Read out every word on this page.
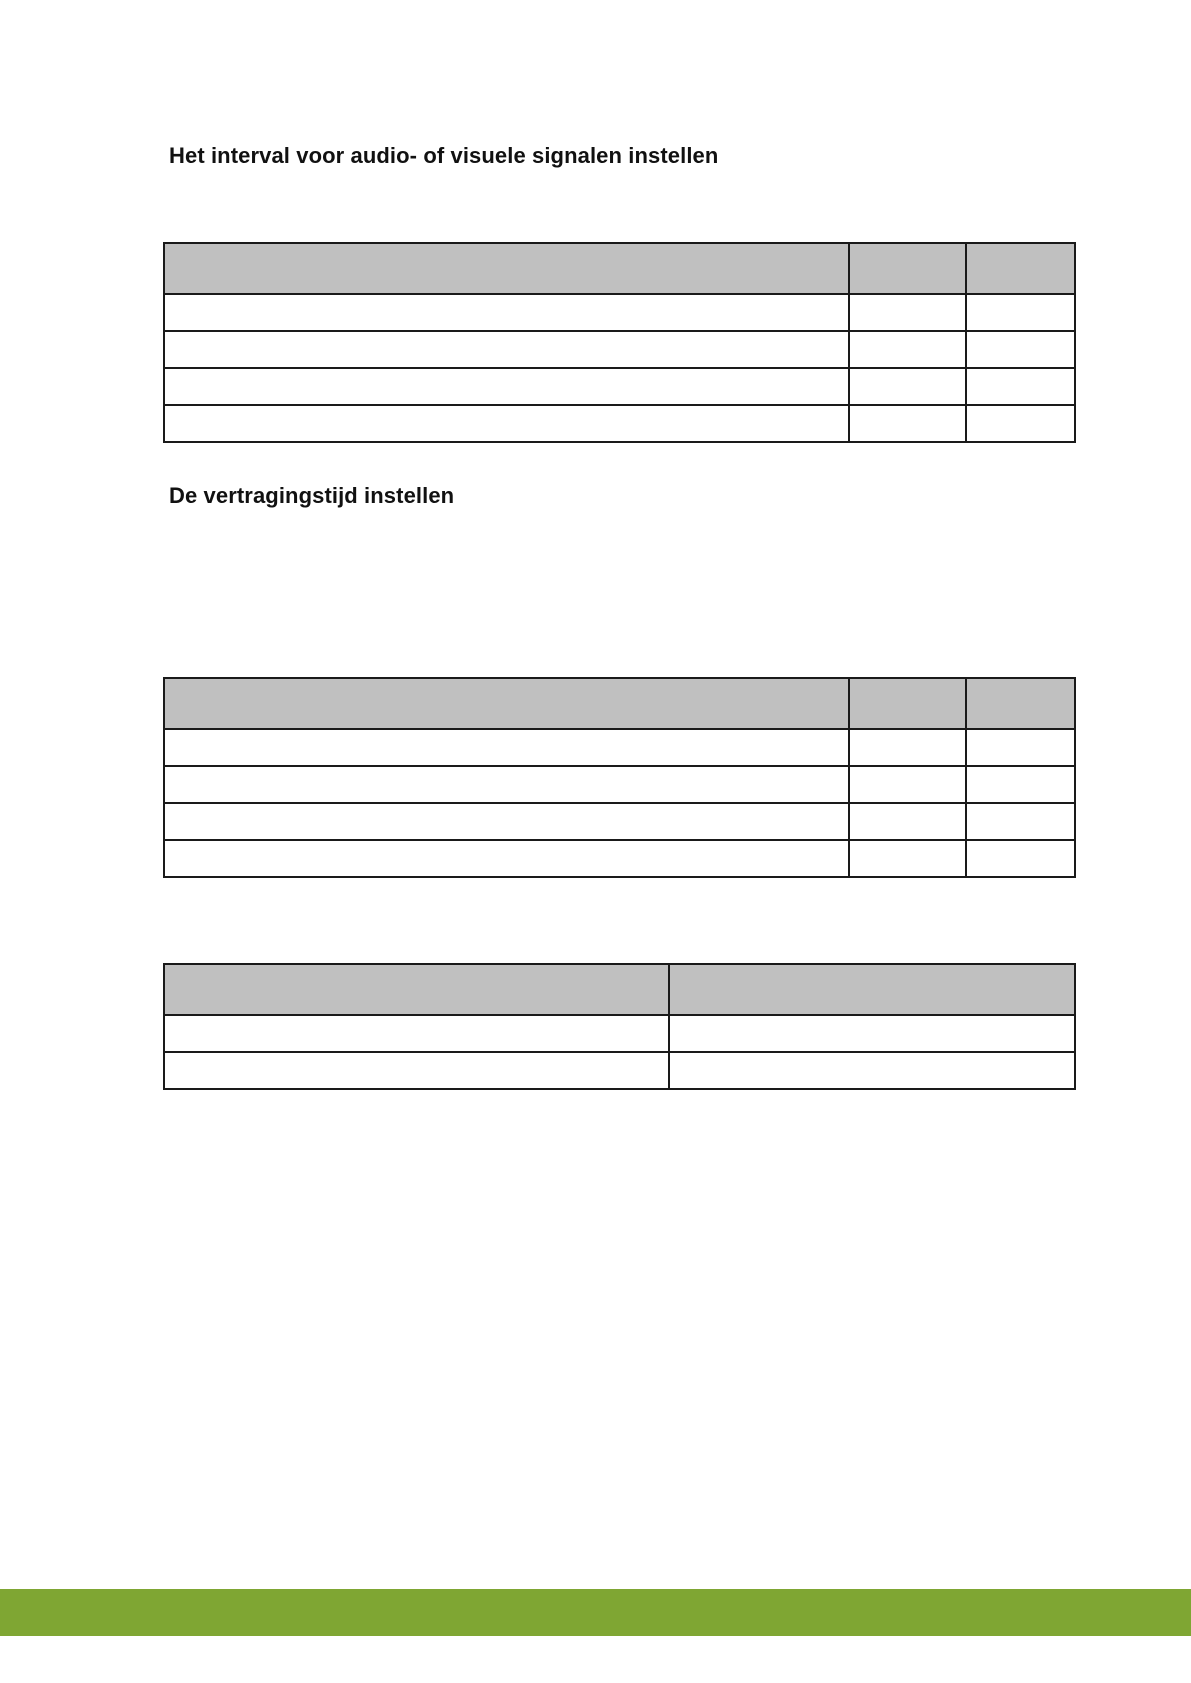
Het interval voor audio- of visuele signalen instellen

De vertragingstijd instellen
